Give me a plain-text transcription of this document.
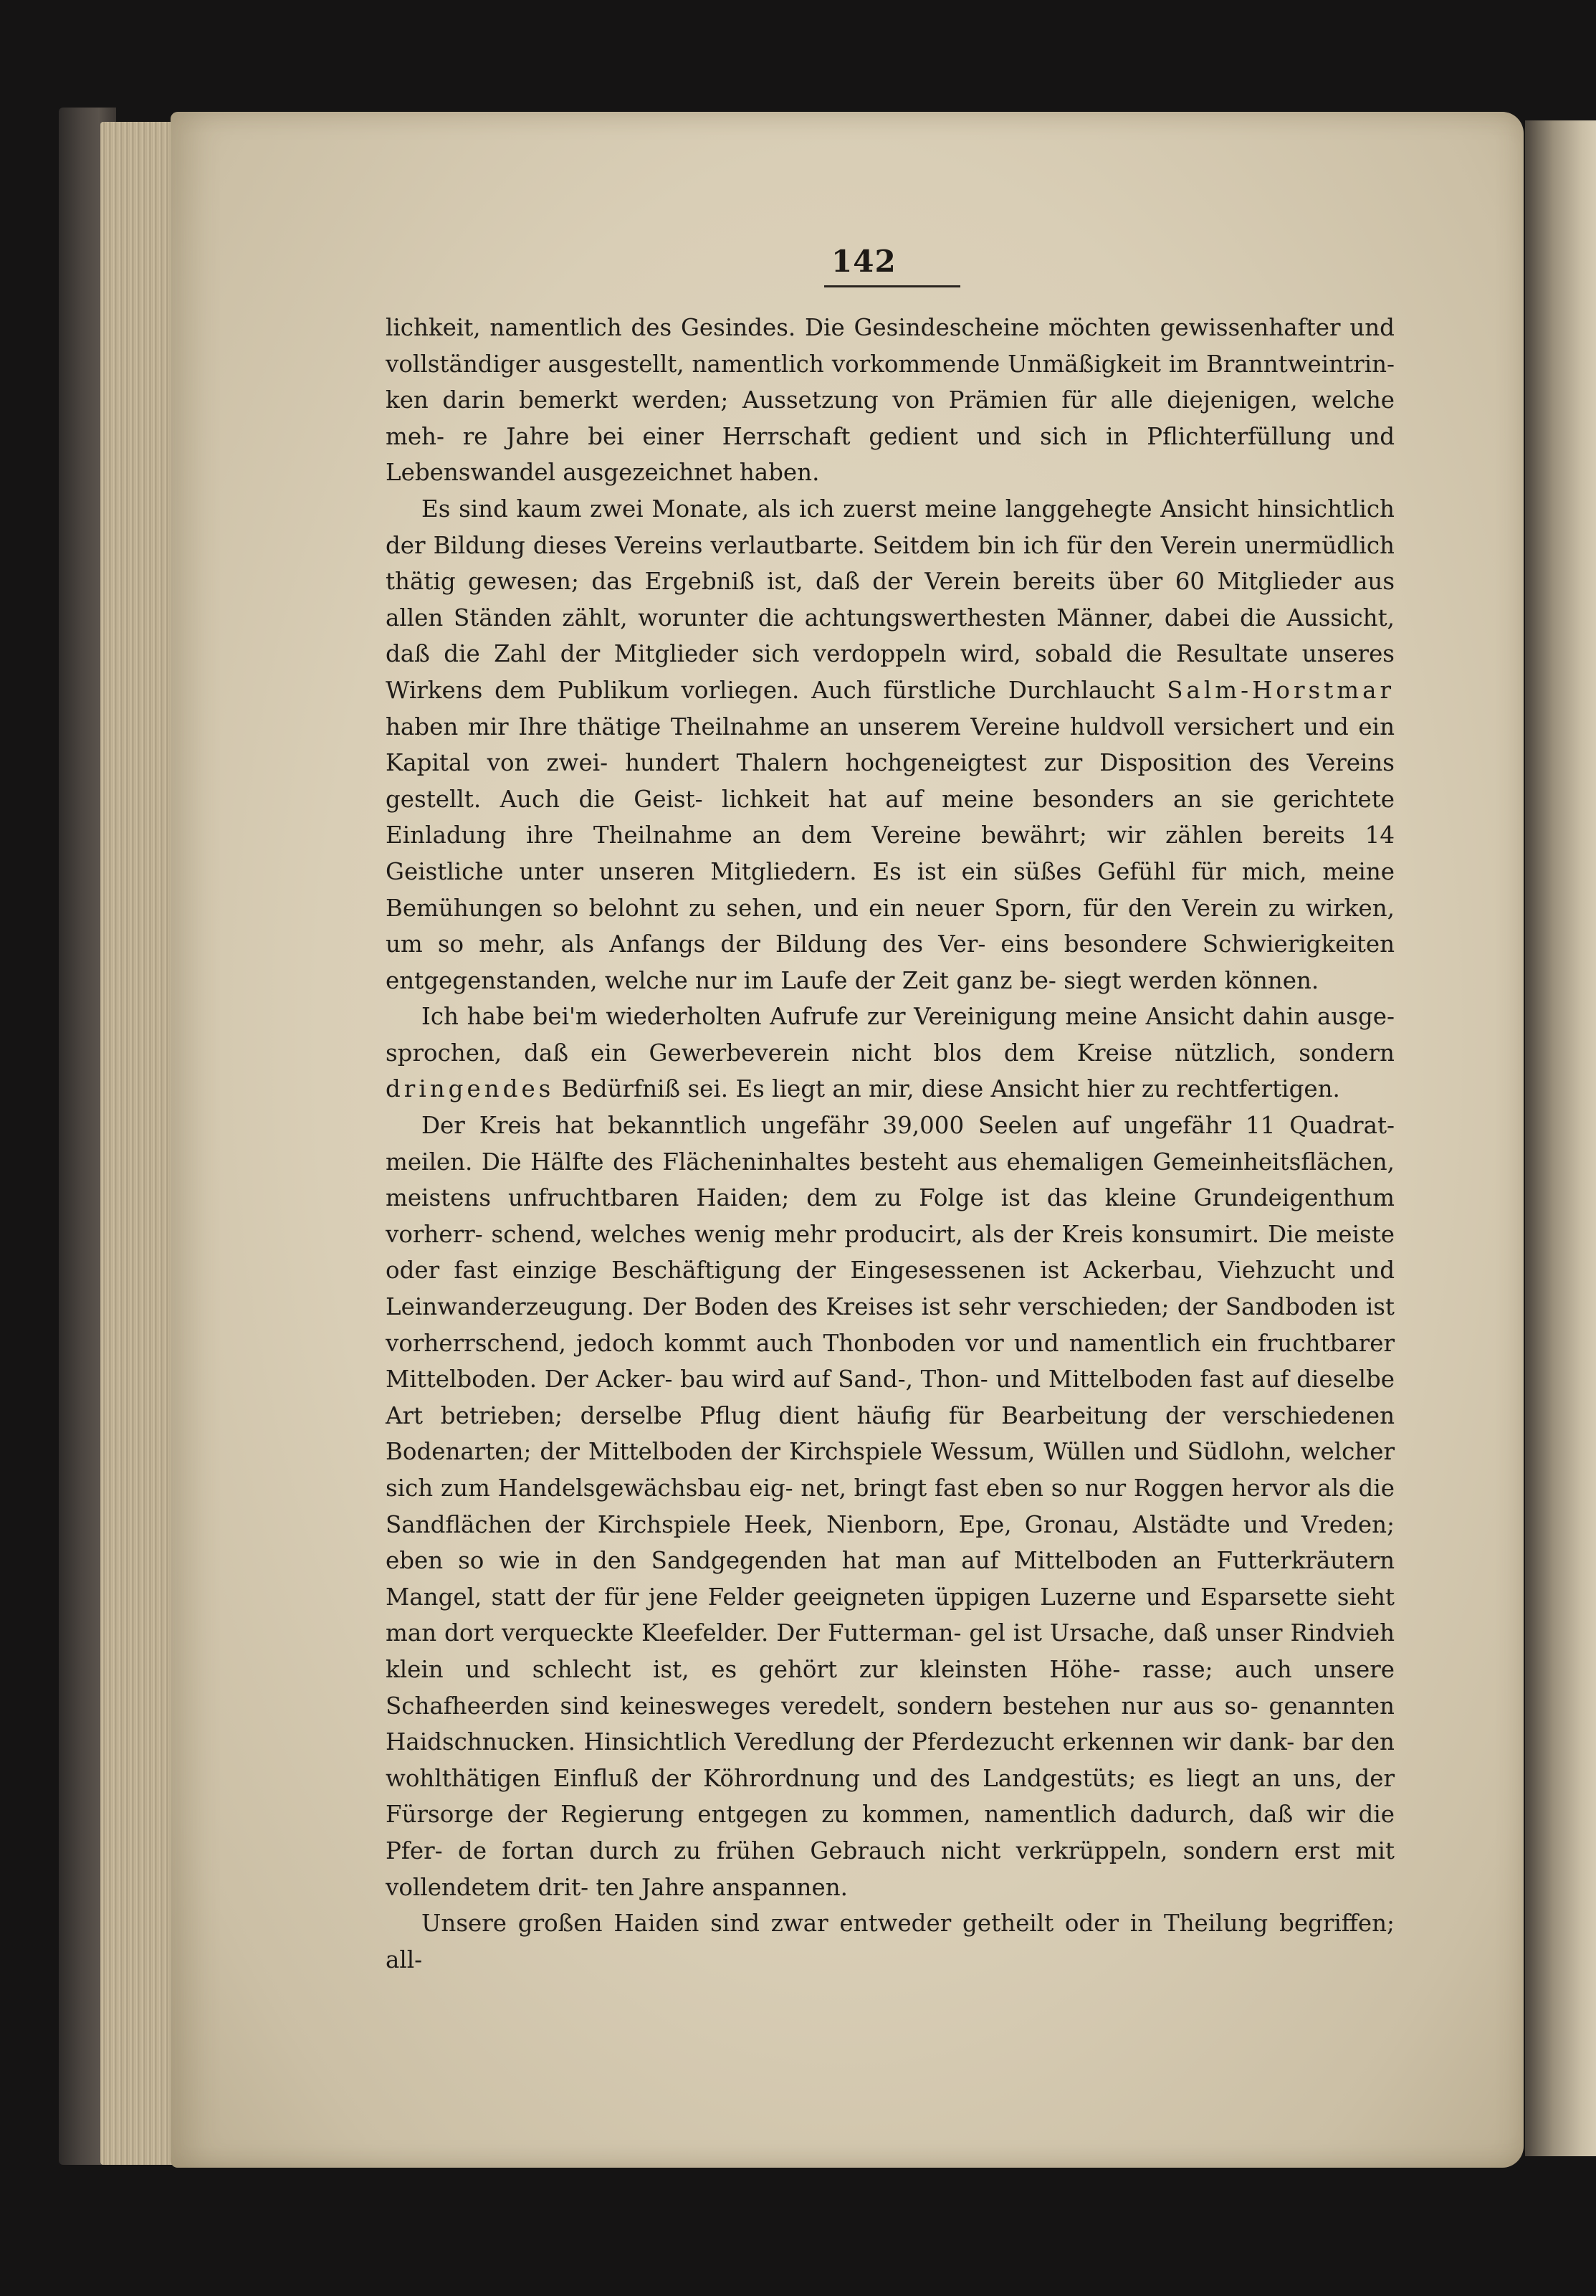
142

lichkeit, namentlich des Gesindes. Die Gesindescheine möchten gewissenhafter und vollständiger ausgestellt, namentlich vorkommende Unmäßigkeit im Branntweintrin- ken darin bemerkt werden; Aussetzung von Prämien für alle diejenigen, welche meh- re Jahre bei einer Herrschaft gedient und sich in Pflichterfüllung und Lebenswandel ausgezeichnet haben.

Es sind kaum zwei Monate, als ich zuerst meine langgehegte Ansicht hinsichtlich der Bildung dieses Vereins verlautbarte. Seitdem bin ich für den Verein unermüdlich thätig gewesen; das Ergebniß ist, daß der Verein bereits über 60 Mitglieder aus allen Ständen zählt, worunter die achtungswerthesten Männer, dabei die Aussicht, daß die Zahl der Mitglieder sich verdoppeln wird, sobald die Resultate unseres Wirkens dem Publikum vorliegen. Auch fürstliche Durchlaucht Salm-Horstmar haben mir Ihre thätige Theilnahme an unserem Vereine huldvoll versichert und ein Kapital von zwei- hundert Thalern hochgeneigtest zur Disposition des Vereins gestellt. Auch die Geist- lichkeit hat auf meine besonders an sie gerichtete Einladung ihre Theilnahme an dem Vereine bewährt; wir zählen bereits 14 Geistliche unter unseren Mitgliedern. Es ist ein süßes Gefühl für mich, meine Bemühungen so belohnt zu sehen, und ein neuer Sporn, für den Verein zu wirken, um so mehr, als Anfangs der Bildung des Ver- eins besondere Schwierigkeiten entgegenstanden, welche nur im Laufe der Zeit ganz be- siegt werden können.

Ich habe bei'm wiederholten Aufrufe zur Vereinigung meine Ansicht dahin ausge- sprochen, daß ein Gewerbeverein nicht blos dem Kreise nützlich, sondern dringendes Bedürfniß sei. Es liegt an mir, diese Ansicht hier zu rechtfertigen.

Der Kreis hat bekanntlich ungefähr 39,000 Seelen auf ungefähr 11 Quadrat- meilen. Die Hälfte des Flächeninhaltes besteht aus ehemaligen Gemeinheitsflächen, meistens unfruchtbaren Haiden; dem zu Folge ist das kleine Grundeigenthum vorherr- schend, welches wenig mehr producirt, als der Kreis konsumirt. Die meiste oder fast einzige Beschäftigung der Eingesessenen ist Ackerbau, Viehzucht und Leinwanderzeugung. Der Boden des Kreises ist sehr verschieden; der Sandboden ist vorherrschend, jedoch kommt auch Thonboden vor und namentlich ein fruchtbarer Mittelboden. Der Acker- bau wird auf Sand-, Thon- und Mittelboden fast auf dieselbe Art betrieben; derselbe Pflug dient häufig für Bearbeitung der verschiedenen Bodenarten; der Mittelboden der Kirchspiele Wessum, Wüllen und Südlohn, welcher sich zum Handelsgewächsbau eig- net, bringt fast eben so nur Roggen hervor als die Sandflächen der Kirchspiele Heek, Nienborn, Epe, Gronau, Alstädte und Vreden; eben so wie in den Sandgegenden hat man auf Mittelboden an Futterkräutern Mangel, statt der für jene Felder geeigneten üppigen Luzerne und Esparsette sieht man dort verqueckte Kleefelder. Der Futterman- gel ist Ursache, daß unser Rindvieh klein und schlecht ist, es gehört zur kleinsten Höhe- rasse; auch unsere Schafheerden sind keinesweges veredelt, sondern bestehen nur aus so- genannten Haidschnucken. Hinsichtlich Veredlung der Pferdezucht erkennen wir dank- bar den wohlthätigen Einfluß der Köhrordnung und des Landgestüts; es liegt an uns, der Fürsorge der Regierung entgegen zu kommen, namentlich dadurch, daß wir die Pfer- de fortan durch zu frühen Gebrauch nicht verkrüppeln, sondern erst mit vollendetem drit- ten Jahre anspannen.

Unsere großen Haiden sind zwar entweder getheilt oder in Theilung begriffen; all-
